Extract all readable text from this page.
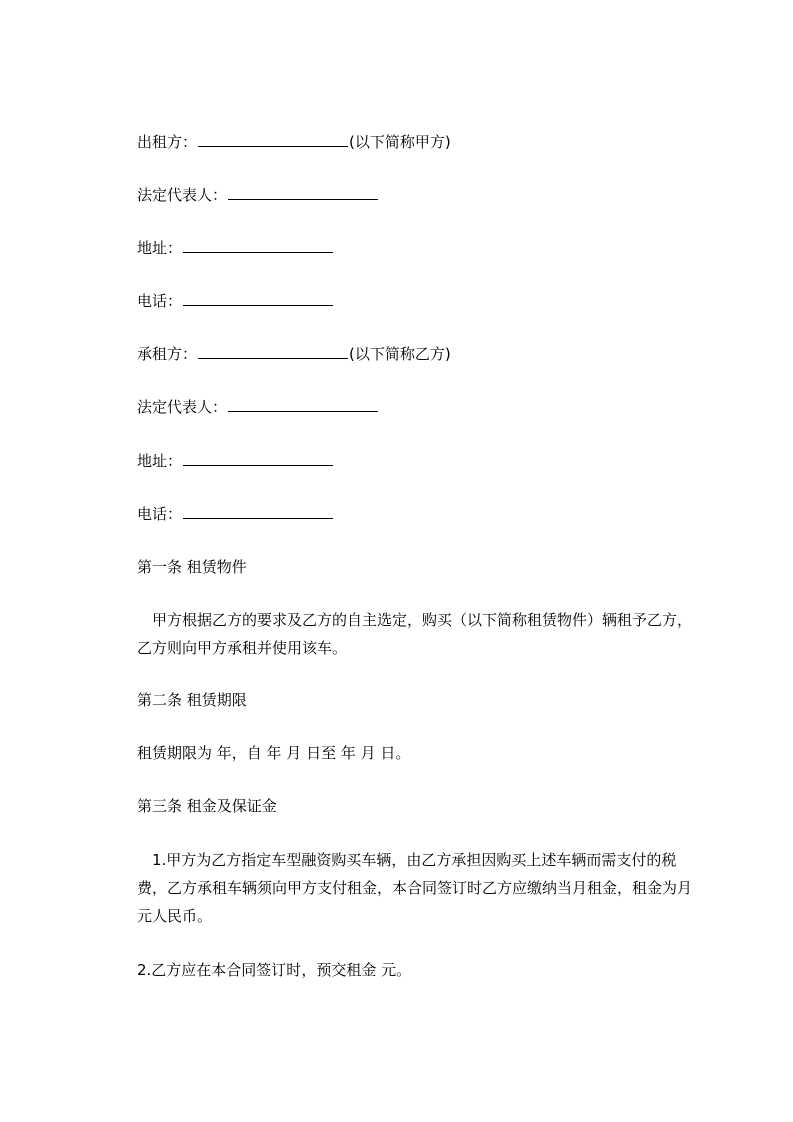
出租方：	(以下简称甲方)
法定代表人：
地址：
电话：
承租方：	(以下简称乙方)
法定代表人：
地址：
电话：
第一条 租赁物件
　甲方根据乙方的要求及乙方的自主选定，购买（以下简称租赁物件）辆租予乙方，乙方则向甲方承租并使用该车。
第二条 租赁期限
租赁期限为 年，自 年 月 日至 年 月 日。
第三条 租金及保证金
　1.甲方为乙方指定车型融资购买车辆，由乙方承担因购买上述车辆而需支付的税费，乙方承租车辆须向甲方支付租金，本合同签订时乙方应缴纳当月租金，租金为月 元人民币。
2.乙方应在本合同签订时，预交租金 元。
